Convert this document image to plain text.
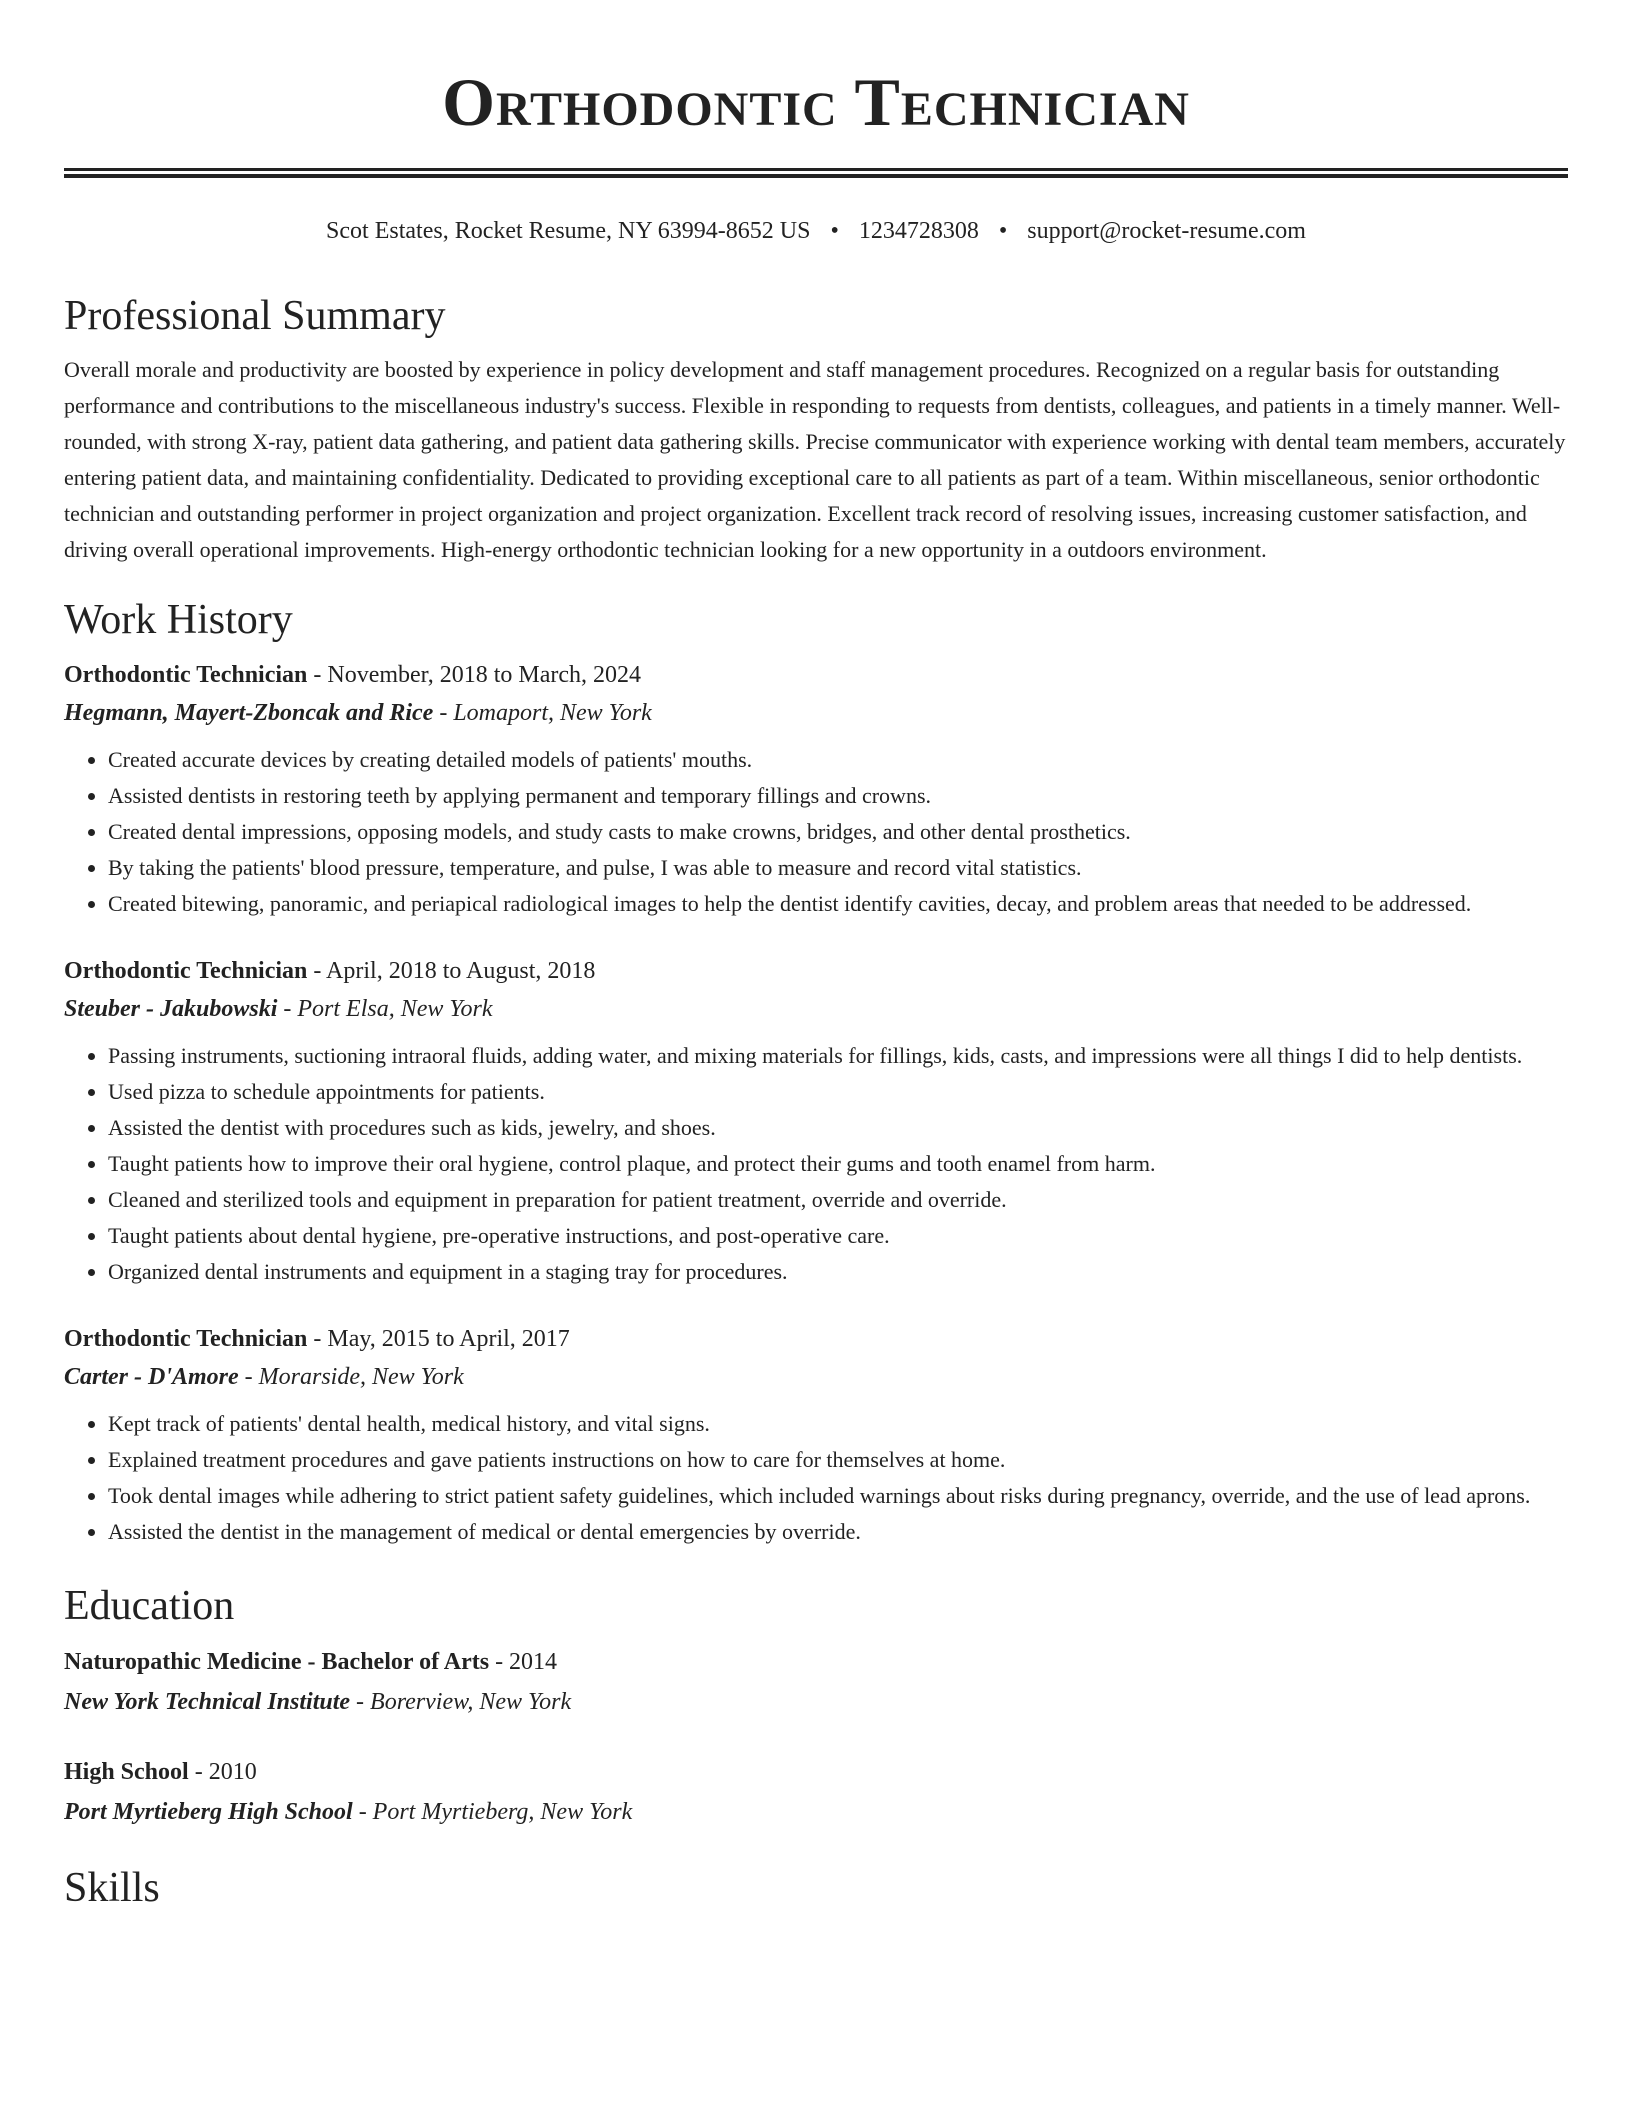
Orthodontic Technician
Scot Estates, Rocket Resume, NY 63994-8652 US • 1234728308 • support@rocket-resume.com
Professional Summary

Overall morale and productivity are boosted by experience in policy development and staff management procedures. Recognized on a regular basis for outstanding performance and contributions to the miscellaneous industry's success. Flexible in responding to requests from dentists, colleagues, and patients in a timely manner. Well-rounded, with strong X-ray, patient data gathering, and patient data gathering skills. Precise communicator with experience working with dental team members, accurately entering patient data, and maintaining confidentiality. Dedicated to providing exceptional care to all patients as part of a team. Within miscellaneous, senior orthodontic technician and outstanding performer in project organization and project organization. Excellent track record of resolving issues, increasing customer satisfaction, and driving overall operational improvements. High-energy orthodontic technician looking for a new opportunity in a outdoors environment.

Work History
Orthodontic Technician - November, 2018 to March, 2024
Hegmann, Mayert-Zboncak and Rice - Lomaport, New York
• Created accurate devices by creating detailed models of patients' mouths.
• Assisted dentists in restoring teeth by applying permanent and temporary fillings and crowns.
• Created dental impressions, opposing models, and study casts to make crowns, bridges, and other dental prosthetics.
• By taking the patients' blood pressure, temperature, and pulse, I was able to measure and record vital statistics.
• Created bitewing, panoramic, and periapical radiological images to help the dentist identify cavities, decay, and problem areas that needed to be addressed.
Orthodontic Technician - April, 2018 to August, 2018
Steuber - Jakubowski - Port Elsa, New York
• Passing instruments, suctioning intraoral fluids, adding water, and mixing materials for fillings, kids, casts, and impressions were all things I did to help dentists.
• Used pizza to schedule appointments for patients.
• Assisted the dentist with procedures such as kids, jewelry, and shoes.
• Taught patients how to improve their oral hygiene, control plaque, and protect their gums and tooth enamel from harm.
• Cleaned and sterilized tools and equipment in preparation for patient treatment, override and override.
• Taught patients about dental hygiene, pre-operative instructions, and post-operative care.
• Organized dental instruments and equipment in a staging tray for procedures.
Orthodontic Technician - May, 2015 to April, 2017
Carter - D'Amore - Morarside, New York
• Kept track of patients' dental health, medical history, and vital signs.
• Explained treatment procedures and gave patients instructions on how to care for themselves at home.
• Took dental images while adhering to strict patient safety guidelines, which included warnings about risks during pregnancy, override, and the use of lead aprons.
• Assisted the dentist in the management of medical or dental emergencies by override.
Education
Naturopathic Medicine - Bachelor of Arts - 2014
New York Technical Institute - Borerview, New York
High School - 2010
Port Myrtieberg High School - Port Myrtieberg, New York
Skills
